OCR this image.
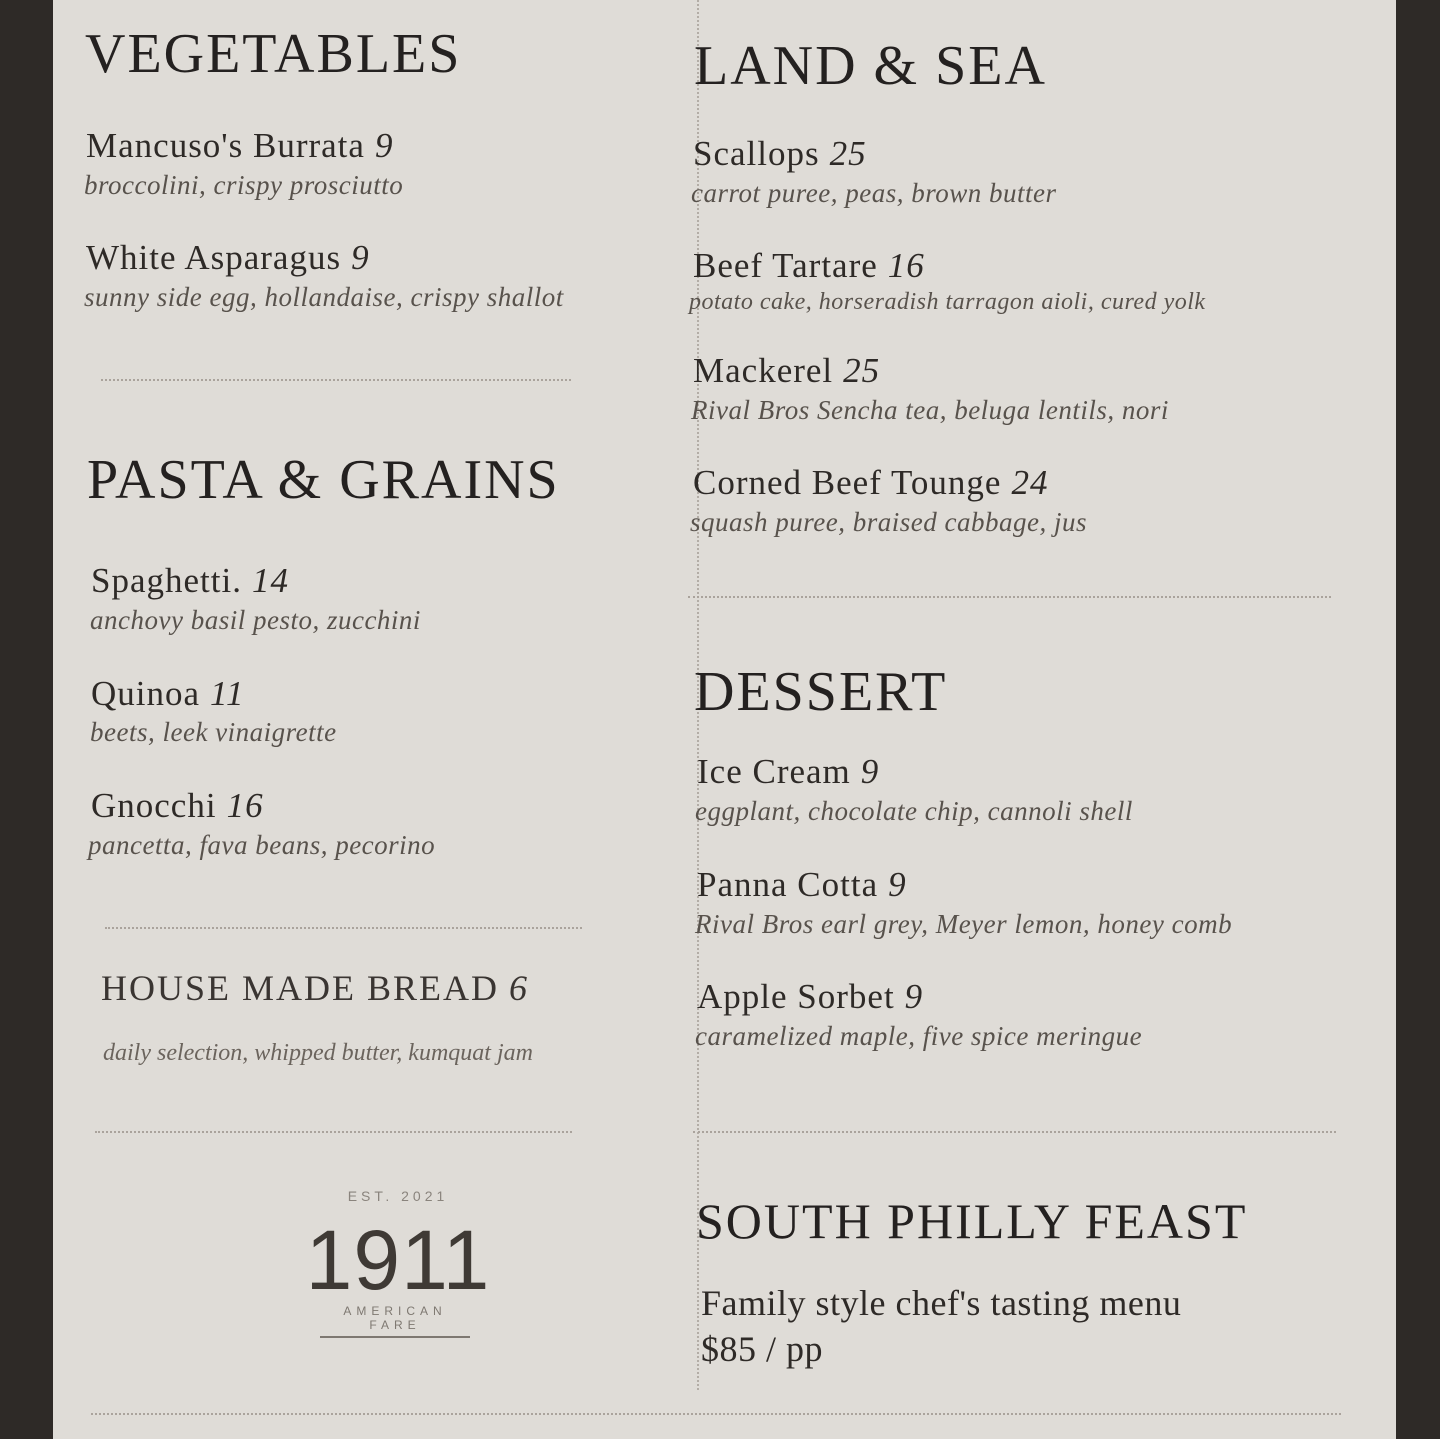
VEGETABLES
Mancuso's Burrata 9
broccolini, crispy prosciutto
White Asparagus 9
sunny side egg, hollandaise, crispy shallot
PASTA & GRAINS
Spaghetti. 14
anchovy basil pesto, zucchini
Quinoa 11
beets, leek vinaigrette
Gnocchi 16
pancetta, fava beans, pecorino
HOUSE MADE BREAD 6
daily selection, whipped butter, kumquat jam
EST. 2021
1911
AMERICAN FARE
LAND & SEA
Scallops 25
carrot puree, peas, brown butter
Beef Tartare 16
potato cake, horseradish tarragon aioli, cured yolk
Mackerel 25
Rival Bros Sencha tea, beluga lentils, nori
Corned Beef Tounge 24
squash puree, braised cabbage, jus
DESSERT
Ice Cream 9
eggplant, chocolate chip, cannoli shell
Panna Cotta 9
Rival Bros earl grey, Meyer lemon, honey comb
Apple Sorbet 9
caramelized maple, five spice meringue
SOUTH PHILLY FEAST
Family style chef's tasting menu
$85 / pp
